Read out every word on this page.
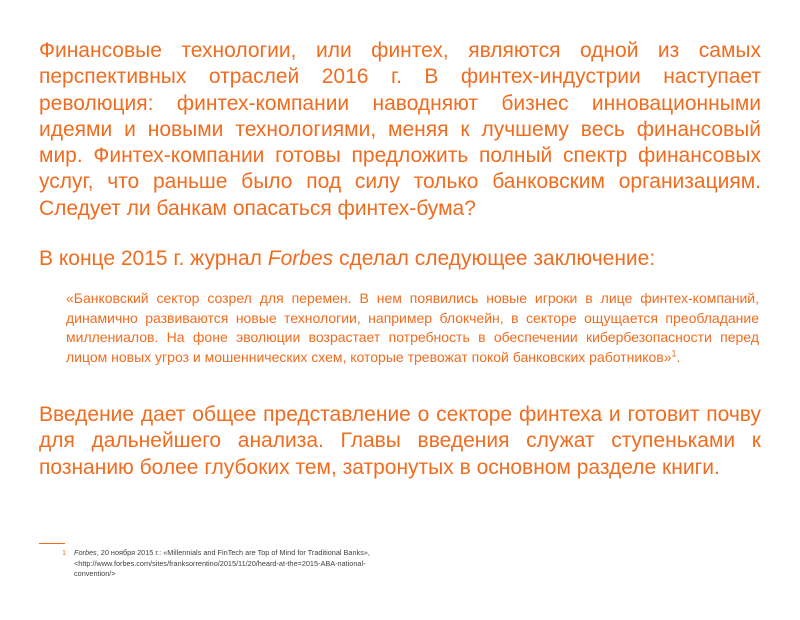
Финансовые технологии, или финтех, являются одной из самых перспективных отраслей 2016 г. В финтех-индустрии наступает революция: финтех-компании наводняют бизнес инновационными идеями и новыми технологиями, меняя к лучшему весь финансовый мир. Финтех-компании готовы предложить полный спектр финансовых услуг, что раньше было под силу только банковским организациям. Следует ли банкам опасаться финтех-бума?

В конце 2015 г. журнал Forbes сделал следующее заключение:

«Банковский сектор созрел для перемен. В нем появились новые игроки в лице финтех-компаний, динамично развиваются новые технологии, например блокчейн, в секторе ощущается преобладание миллениалов. На фоне эволюции возрастает потребность в обеспечении кибербезопасности перед лицом новых угроз и мошеннических схем, которые тревожат покой банковских работников»$^1$.

Введение дает общее представление о секторе финтеха и готовит почву для дальнейшего анализа. Главы введения служат ступеньками к познанию более глубоких тем, затронутых в основном разделе книги.

1 Forbes, 20 ноября 2015 г.: «Millennials and FinTech are Top of Mind for Traditional Banks»,
<http://www.forbes.com/sites/franksorrentino/2015/11/20/heard-at-the=2015-ABA-national-convention/>
